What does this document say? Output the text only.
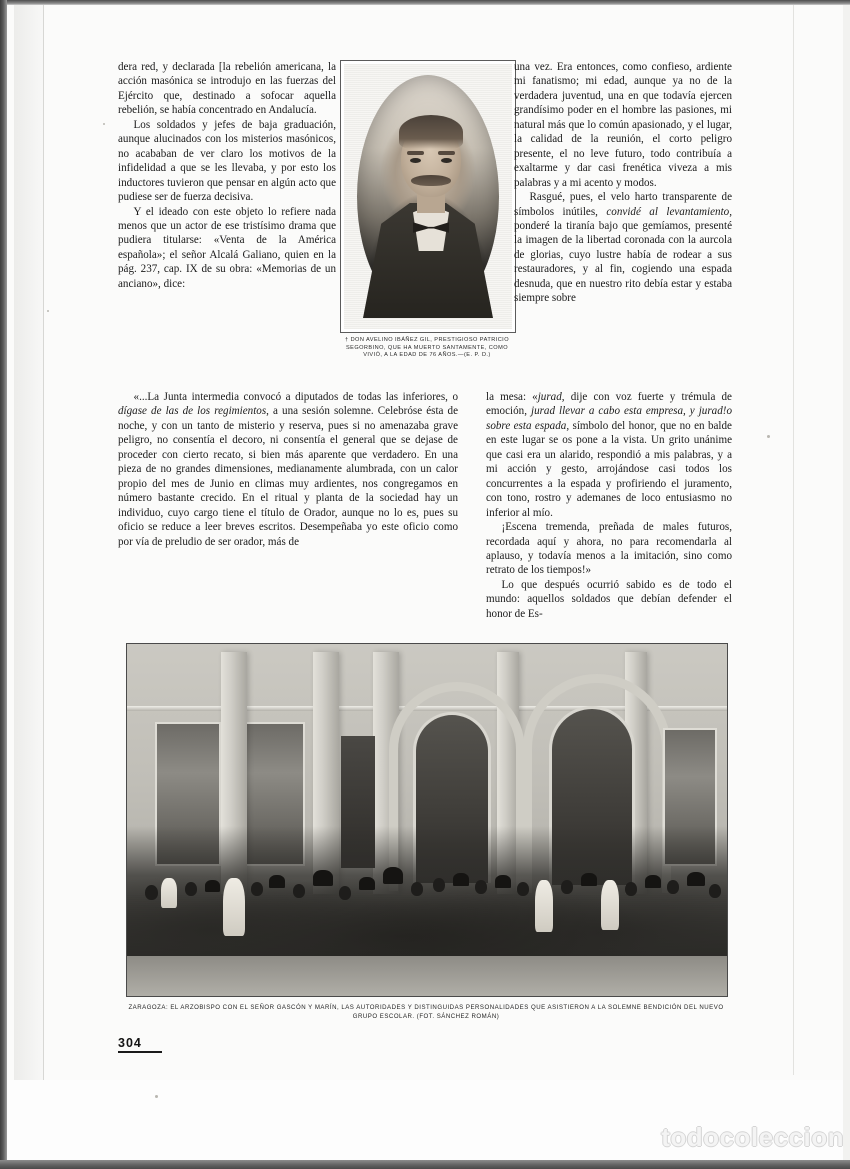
dera red, y declarada [la rebelión americana, la acción masónica se introdujo en las fuerzas del Ejército que, destinado a sofocar aquella rebelión, se había concentrado en Andalucía.

Los soldados y jefes de baja graduación, aunque alucinados con los misterios masónicos, no acababan de ver claro los motivos de la infidelidad a que se les llevaba, y por esto los inductores tuvieron que pensar en algún acto que pudiese ser de fuerza decisiva.

Y el ideado con este objeto lo refiere nada menos que un actor de ese tristísimo drama que pudiera titularse: «Venta de la América española»; el señor Alcalá Galiano, quien en la pág. 237, cap. IX de su obra: «Memorias de un anciano», dice:

† DON AVELINO IBÁÑEZ GIL, PRESTIGIOSO PATRICIO SEGORBINO, QUE HA MUERTO SANTAMENTE, COMO VIVIÓ, A LA EDAD DE 76 AÑOS.—(E. P. D.)

una vez. Era entonces, como confieso, ardiente mi fanatismo; mi edad, aunque ya no de la verdadera juventud, una en que todavía ejercen grandísimo poder en el hombre las pasiones, mi natural más que lo común apasionado, y el lugar, la calidad de la reunión, el corto peligro presente, el no leve futuro, todo contribuía a exaltarme y dar casi frenética viveza a mis palabras y a mi acento y modos.

Rasgué, pues, el velo harto transparente de símbolos inútiles, convidé al levantamiento, ponderé la tiranía bajo que gemíamos, presenté la imagen de la libertad coronada con la aurcola de glorias, cuyo lustre había de rodear a sus restauradores, y al fin, cogiendo una espada desnuda, que en nuestro rito debía estar y estaba siempre sobre

«...La Junta intermedia convocó a diputados de todas las inferiores, o dígase de las de los regimientos, a una sesión solemne. Celebróse ésta de noche, y con un tanto de misterio y reserva, pues si no amenazaba grave peligro, no consentía el decoro, ni consentía el general que se dejase de proceder con cierto recato, si bien más aparente que verdadero. En una pieza de no grandes dimensiones, medianamente alumbrada, con un calor propio del mes de Junio en climas muy ardientes, nos congregamos en número bastante crecido. En el ritual y planta de la sociedad hay un individuo, cuyo cargo tiene el título de Orador, aunque no lo es, pues su oficio se reduce a leer breves escritos. Desempeñaba yo este oficio como por vía de preludio de ser orador, más de

la mesa: «jurad, dije con voz fuerte y trémula de emoción, jurad llevar a cabo esta empresa, y jurad!o sobre esta espada, símbolo del honor, que no en balde en este lugar se os pone a la vista. Un grito unánime que casi era un alarido, respondió a mis palabras, y a mi acción y gesto, arrojándose casi todos los concurrentes a la espada y profiriendo el juramento, con tono, rostro y ademanes de loco entusiasmo no inferior al mío.

¡Escena tremenda, preñada de males futuros, recordada aquí y ahora, no para recomendarla al aplauso, y todavía menos a la imitación, sino como retrato de los tiempos!»

Lo que después ocurrió sabido es de todo el mundo: aquellos soldados que debían defender el honor de Es-

ZARAGOZA: EL ARZOBISPO CON EL SEÑOR GASCÓN Y MARÍN, LAS AUTORIDADES Y DISTINGUIDAS PERSONALIDADES QUE ASISTIERON A LA SOLEMNE BENDICIÓN DEL NUEVO GRUPO ESCOLAR. (FOT. SÁNCHEZ ROMÁN)
304
todocoleccion
